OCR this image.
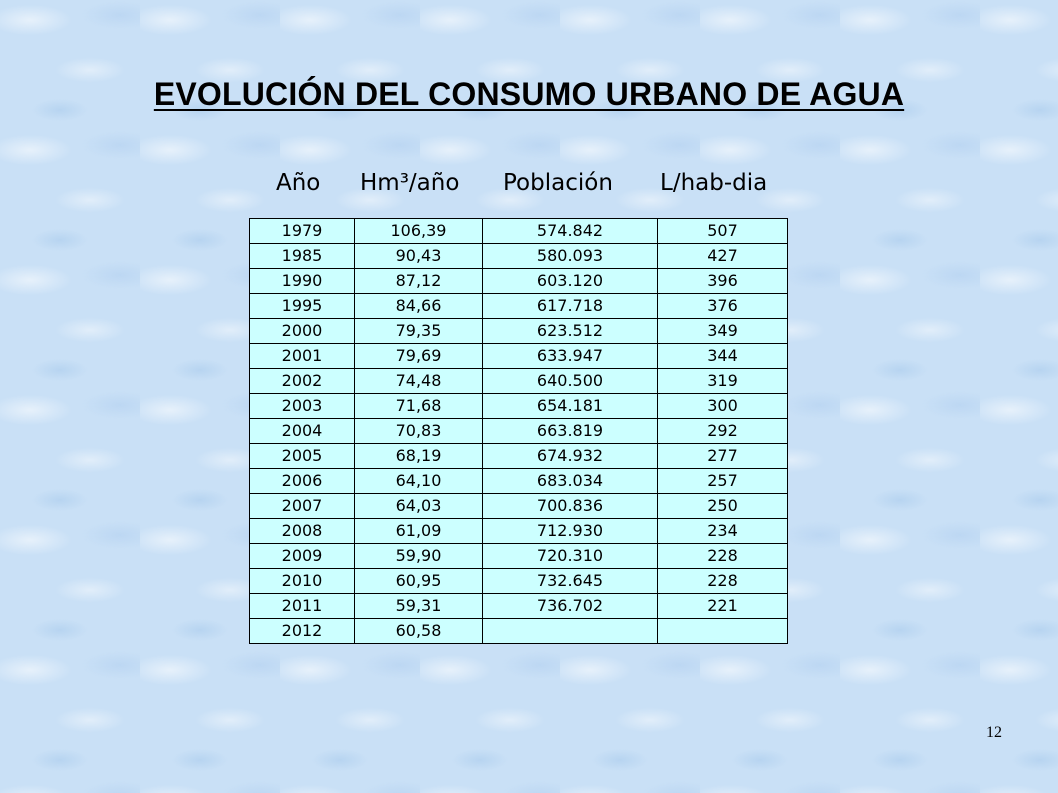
EVOLUCIÓN DEL CONSUMO URBANO DE AGUA
Año Hm³/año Población L/hab-dia
1979	106,39	574.842	507
1985	90,43	580.093	427
1990	87,12	603.120	396
1995	84,66	617.718	376
2000	79,35	623.512	349
2001	79,69	633.947	344
2002	74,48	640.500	319
2003	71,68	654.181	300
2004	70,83	663.819	292
2005	68,19	674.932	277
2006	64,10	683.034	257
2007	64,03	700.836	250
2008	61,09	712.930	234
2009	59,90	720.310	228
2010	60,95	732.645	228
2011	59,31	736.702	221
2012	60,58		
12
